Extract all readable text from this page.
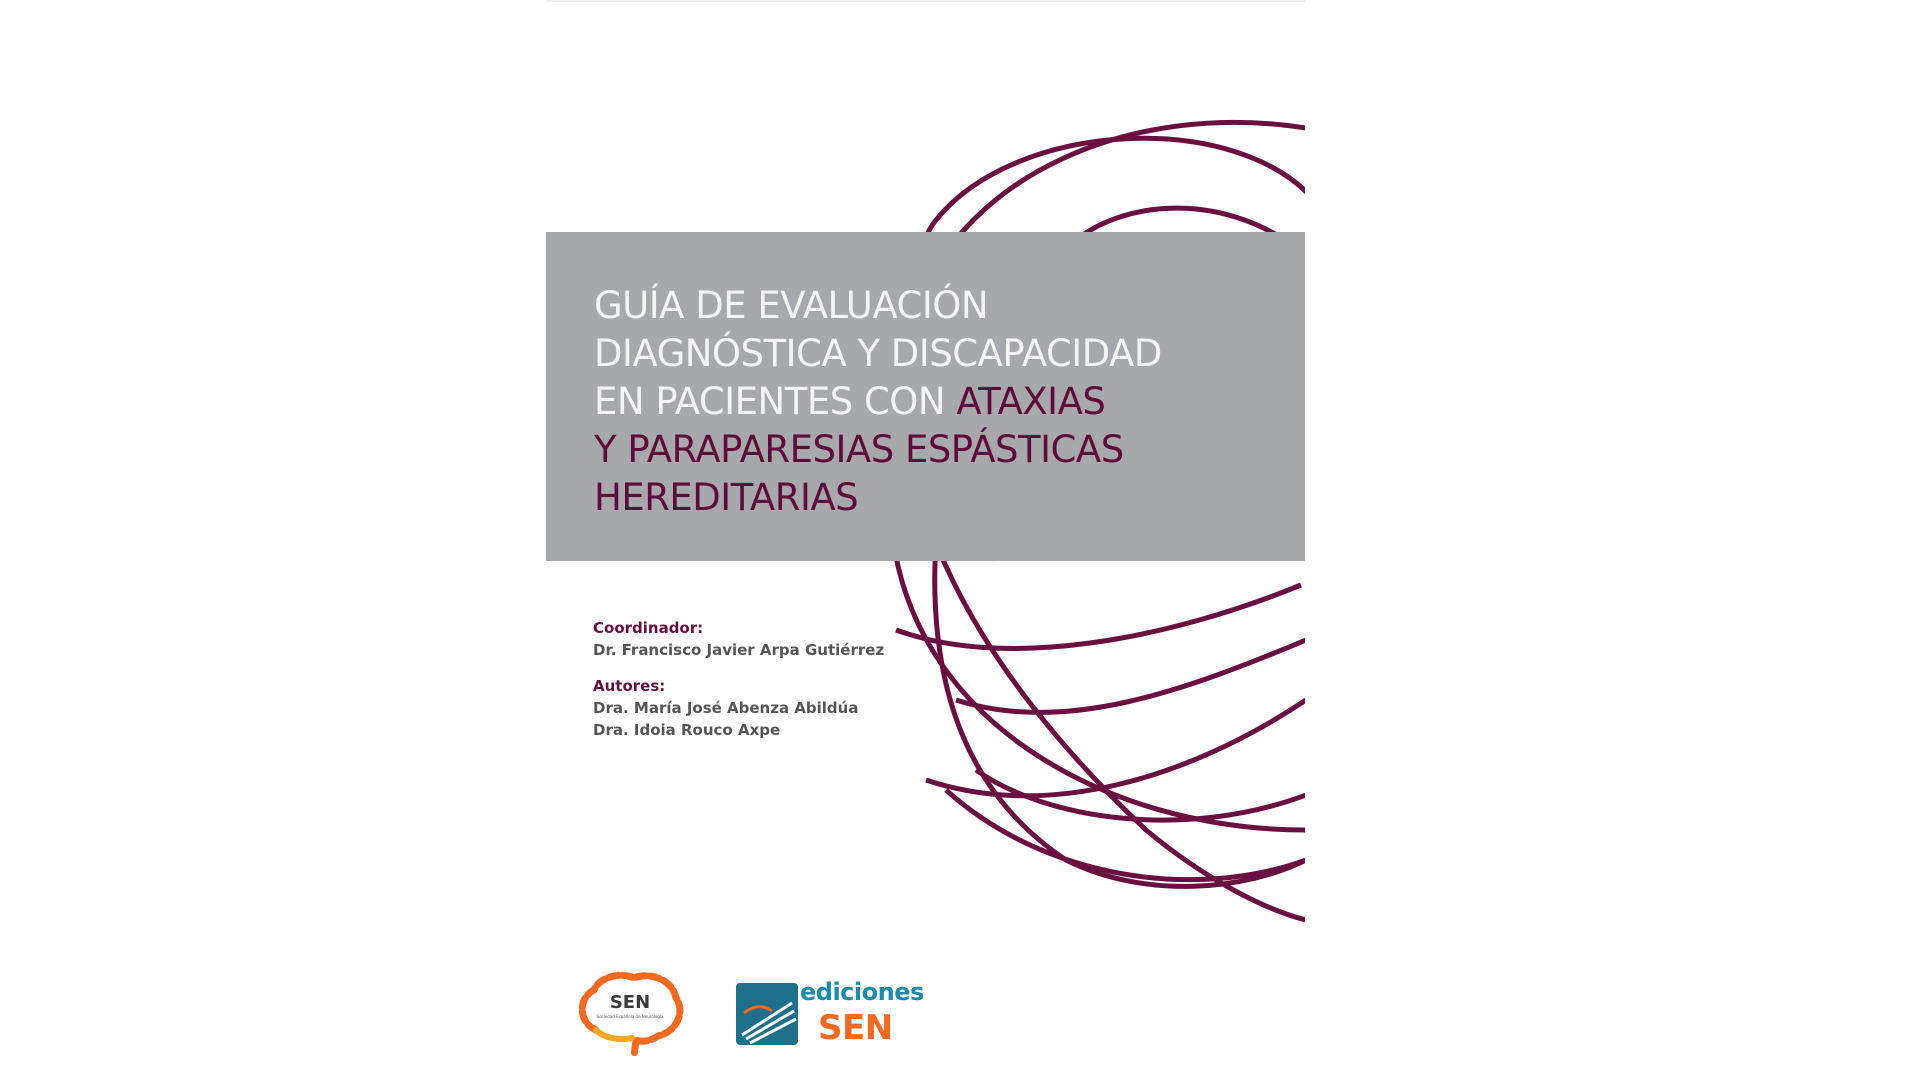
GUÍA DE EVALUACIÓN
DIAGNÓSTICA Y DISCAPACIDAD
EN PACIENTES CON ATAXIAS
Y PARAPARESIAS ESPÁSTICAS
HEREDITARIAS
Coordinador:
Dr. Francisco Javier Arpa Gutiérrez
Autores:
Dra. María José Abenza Abildúa
Dra. Idoia Rouco Axpe
SEN
Sociedad Española de Neurología
ediciones
SEN
